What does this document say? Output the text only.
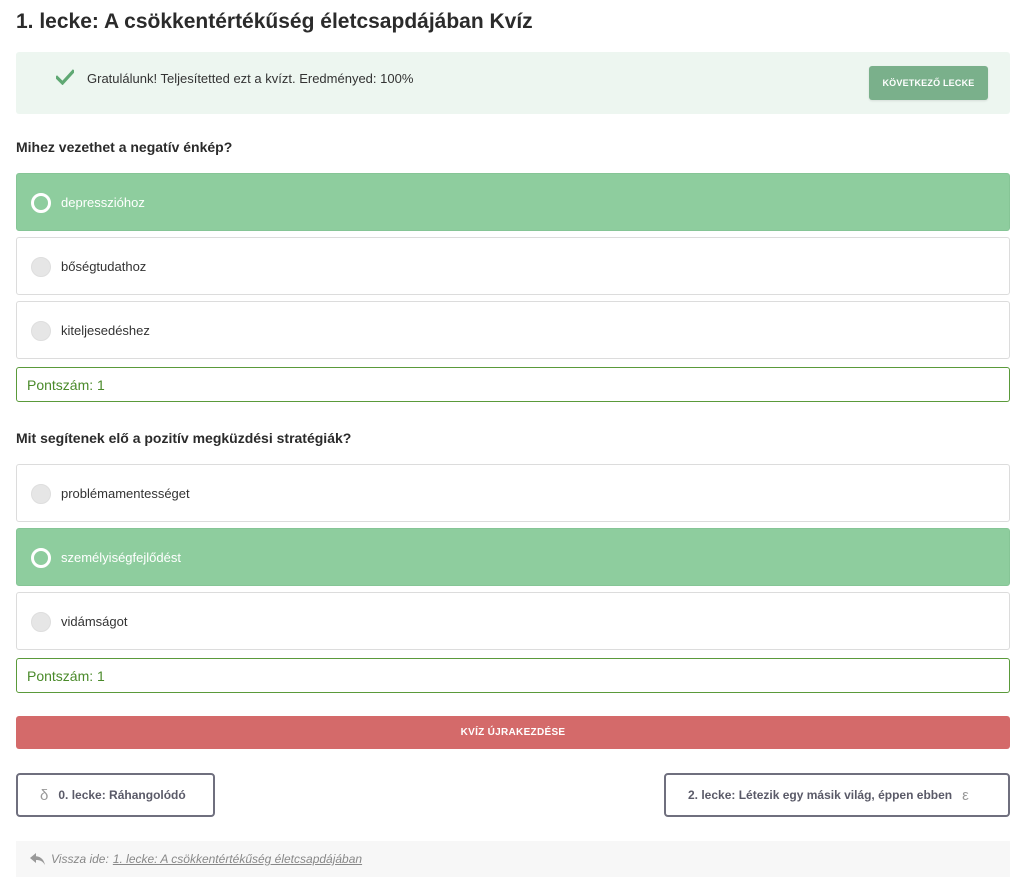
1. lecke: A csökkentértékűség életcsapdájában Kvíz
Gratulálunk! Teljesítetted ezt a kvízt. Eredményed: 100%	KÖVETKEZŐ LECKE
Mihez vezethet a negatív énkép?
depresszióhoz
bőségtudathoz
kiteljesedéshez
Pontszám: 1
Mit segítenek elő a pozitív megküzdési stratégiák?
problémamentességet
személyiségfejlődést
vidámságot
Pontszám: 1
KVÍZ ÚJRAKEZDÉSE
δ 0. lecke: Ráhangolódó	2. lecke: Létezik egy másik világ, éppen ebben ε
Vissza ide: 1. lecke: A csökkentértékűség életcsapdájában
